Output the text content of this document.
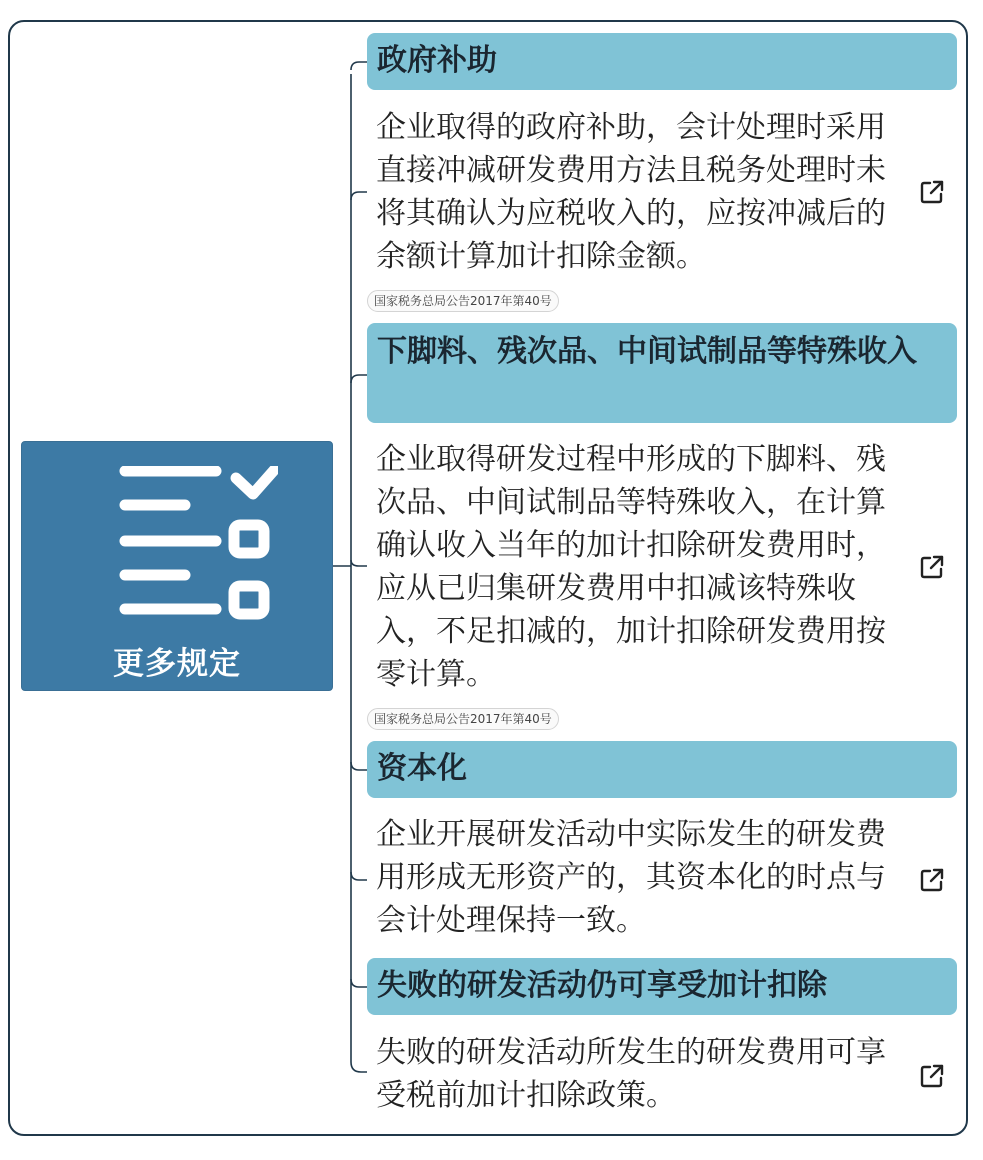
更多规定
政府补助
企业取得的政府补助，会计处理时采用直接冲减研发费用方法且税务处理时未将其确认为应税收入的，应按冲减后的余额计算加计扣除金额。
国家税务总局公告2017年第40号
下脚料、残次品、中间试制品等特殊收入
企业取得研发过程中形成的下脚料、残次品、中间试制品等特殊收入，在计算确认收入当年的加计扣除研发费用时，应从已归集研发费用中扣减该特殊收入，不足扣减的，加计扣除研发费用按零计算。
国家税务总局公告2017年第40号
资本化
企业开展研发活动中实际发生的研发费用形成无形资产的，其资本化的时点与会计处理保持一致。
失败的研发活动仍可享受加计扣除
失败的研发活动所发生的研发费用可享受税前加计扣除政策。
